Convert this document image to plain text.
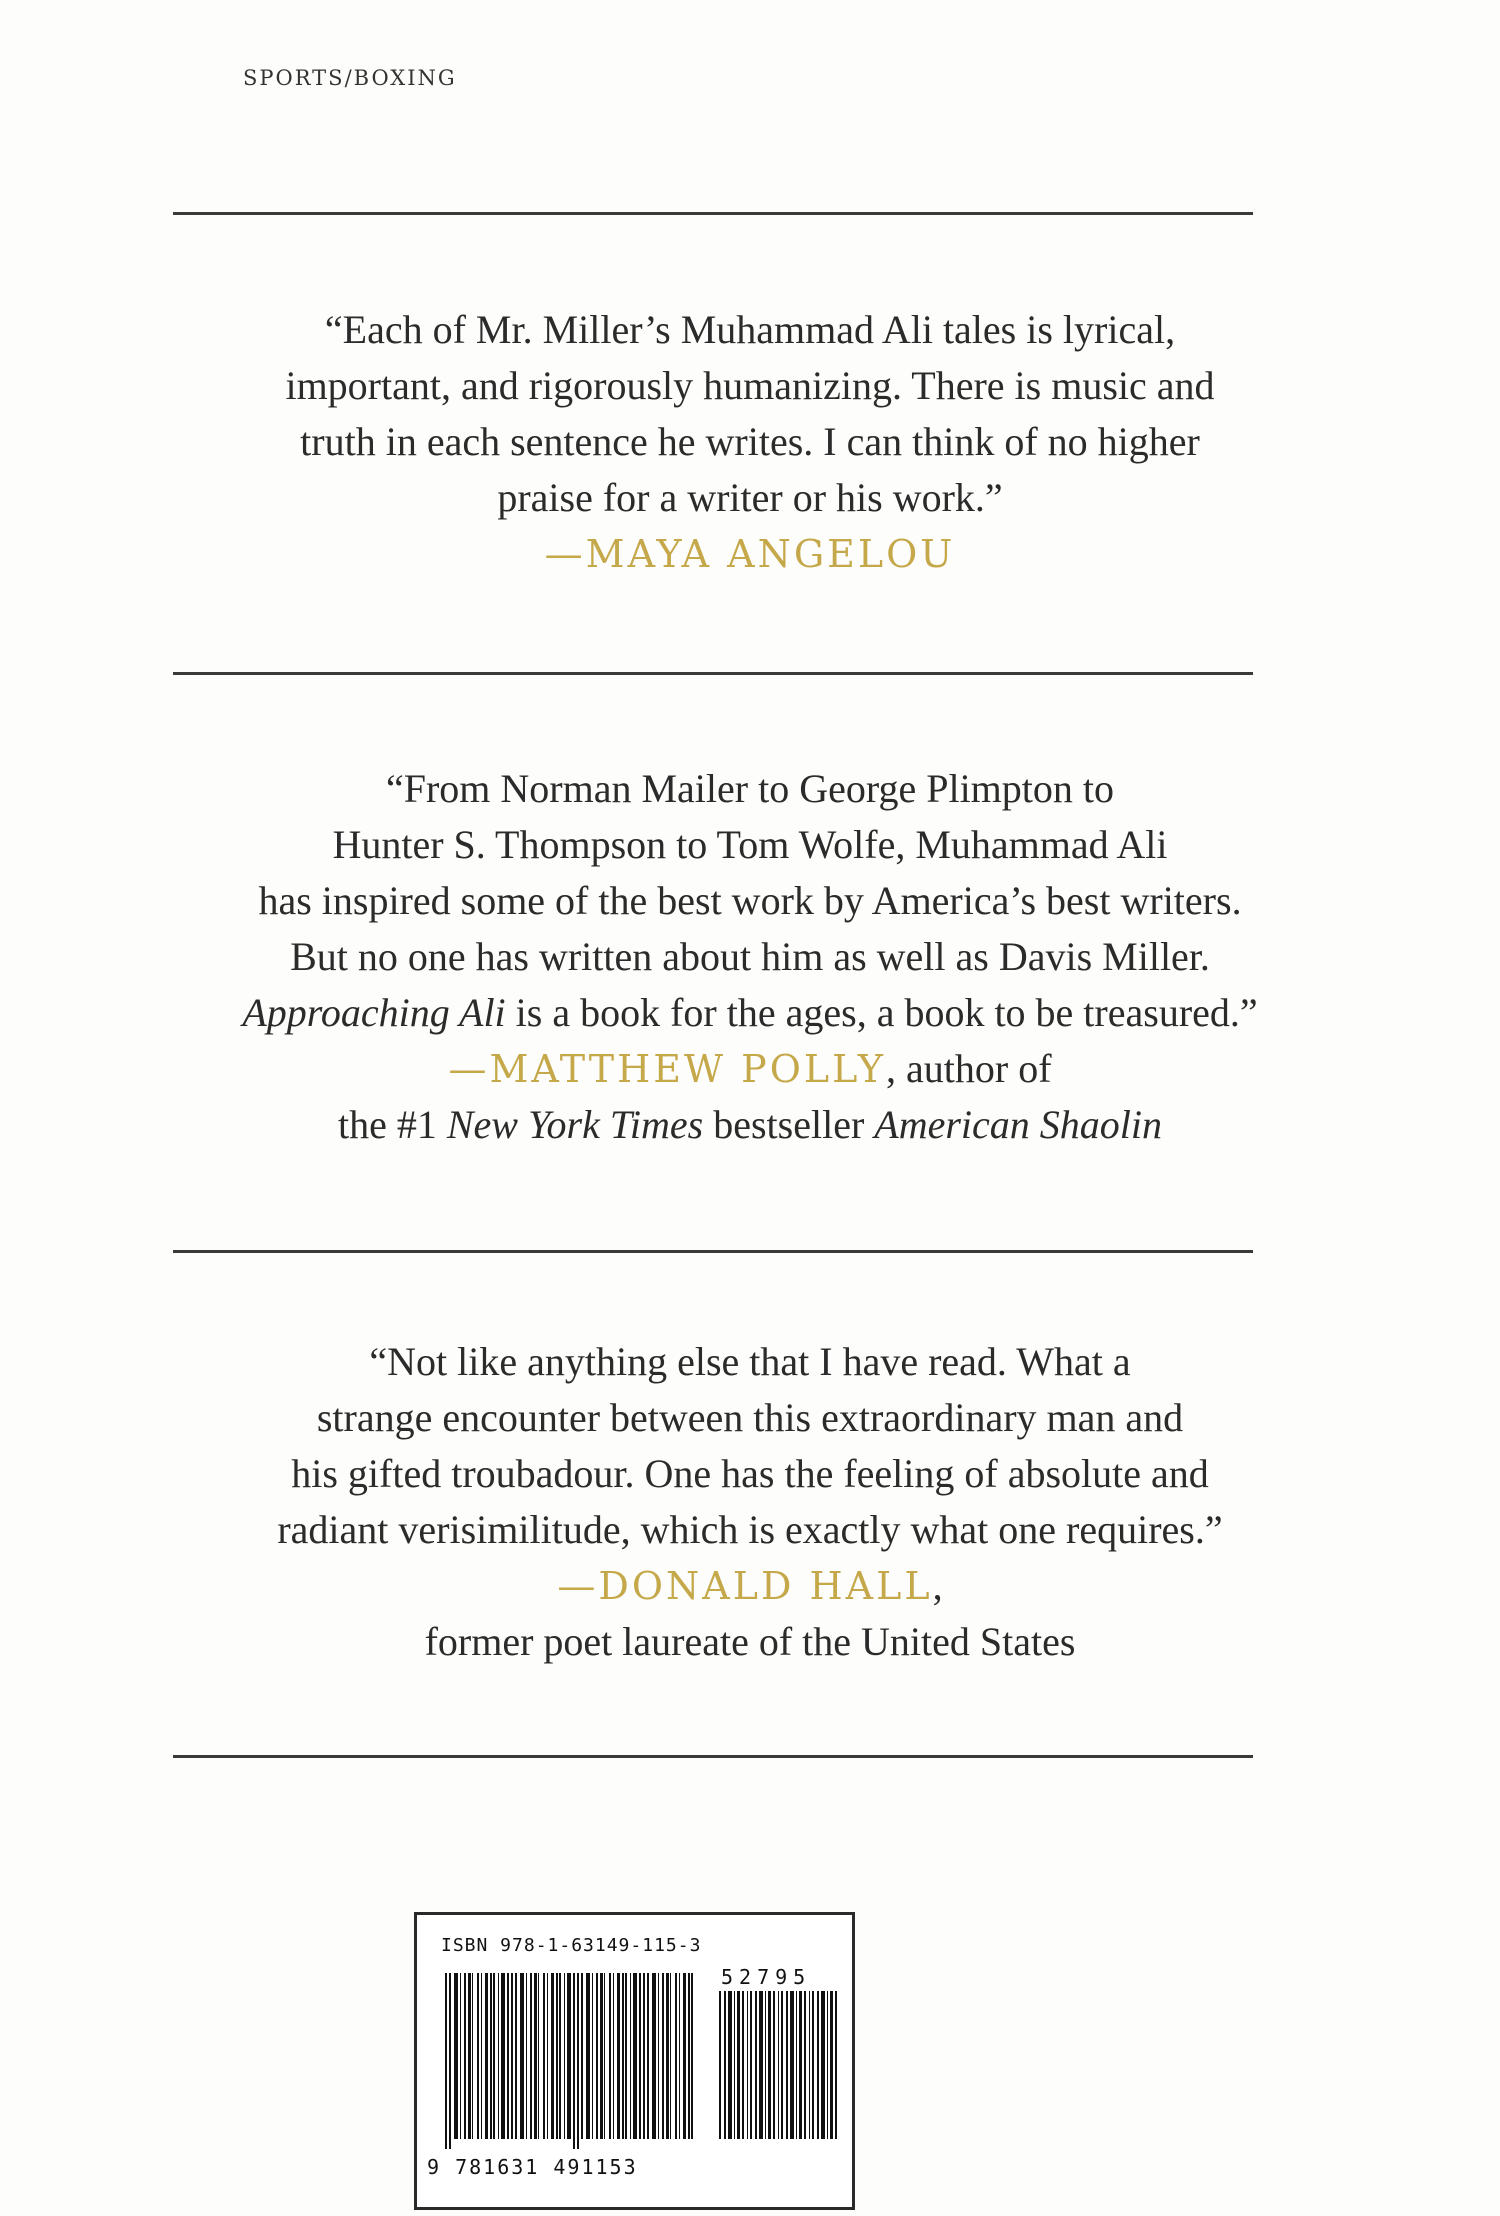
SPORTS/BOXING

“Each of Mr. Miller’s Muhammad Ali tales is lyrical,

important, and rigorously humanizing. There is music and

truth in each sentence he writes. I can think of no higher

praise for a writer or his work.”

—MAYA ANGELOU

“From Norman Mailer to George Plimpton to

Hunter S. Thompson to Tom Wolfe, Muhammad Ali

has inspired some of the best work by America’s best writers.

But no one has written about him as well as Davis Miller.

Approaching Ali is a book for the ages, a book to be treasured.”

—MATTHEW POLLY, author of

the #1 New York Times bestseller American Shaolin

“Not like anything else that I have read. What a

strange encounter between this extraordinary man and

his gifted troubadour. One has the feeling of absolute and

radiant verisimilitude, which is exactly what one requires.”

—DONALD HALL,

former poet laureate of the United States

ISBN 978-1-63149-115-3
52795
9 781631 491153
